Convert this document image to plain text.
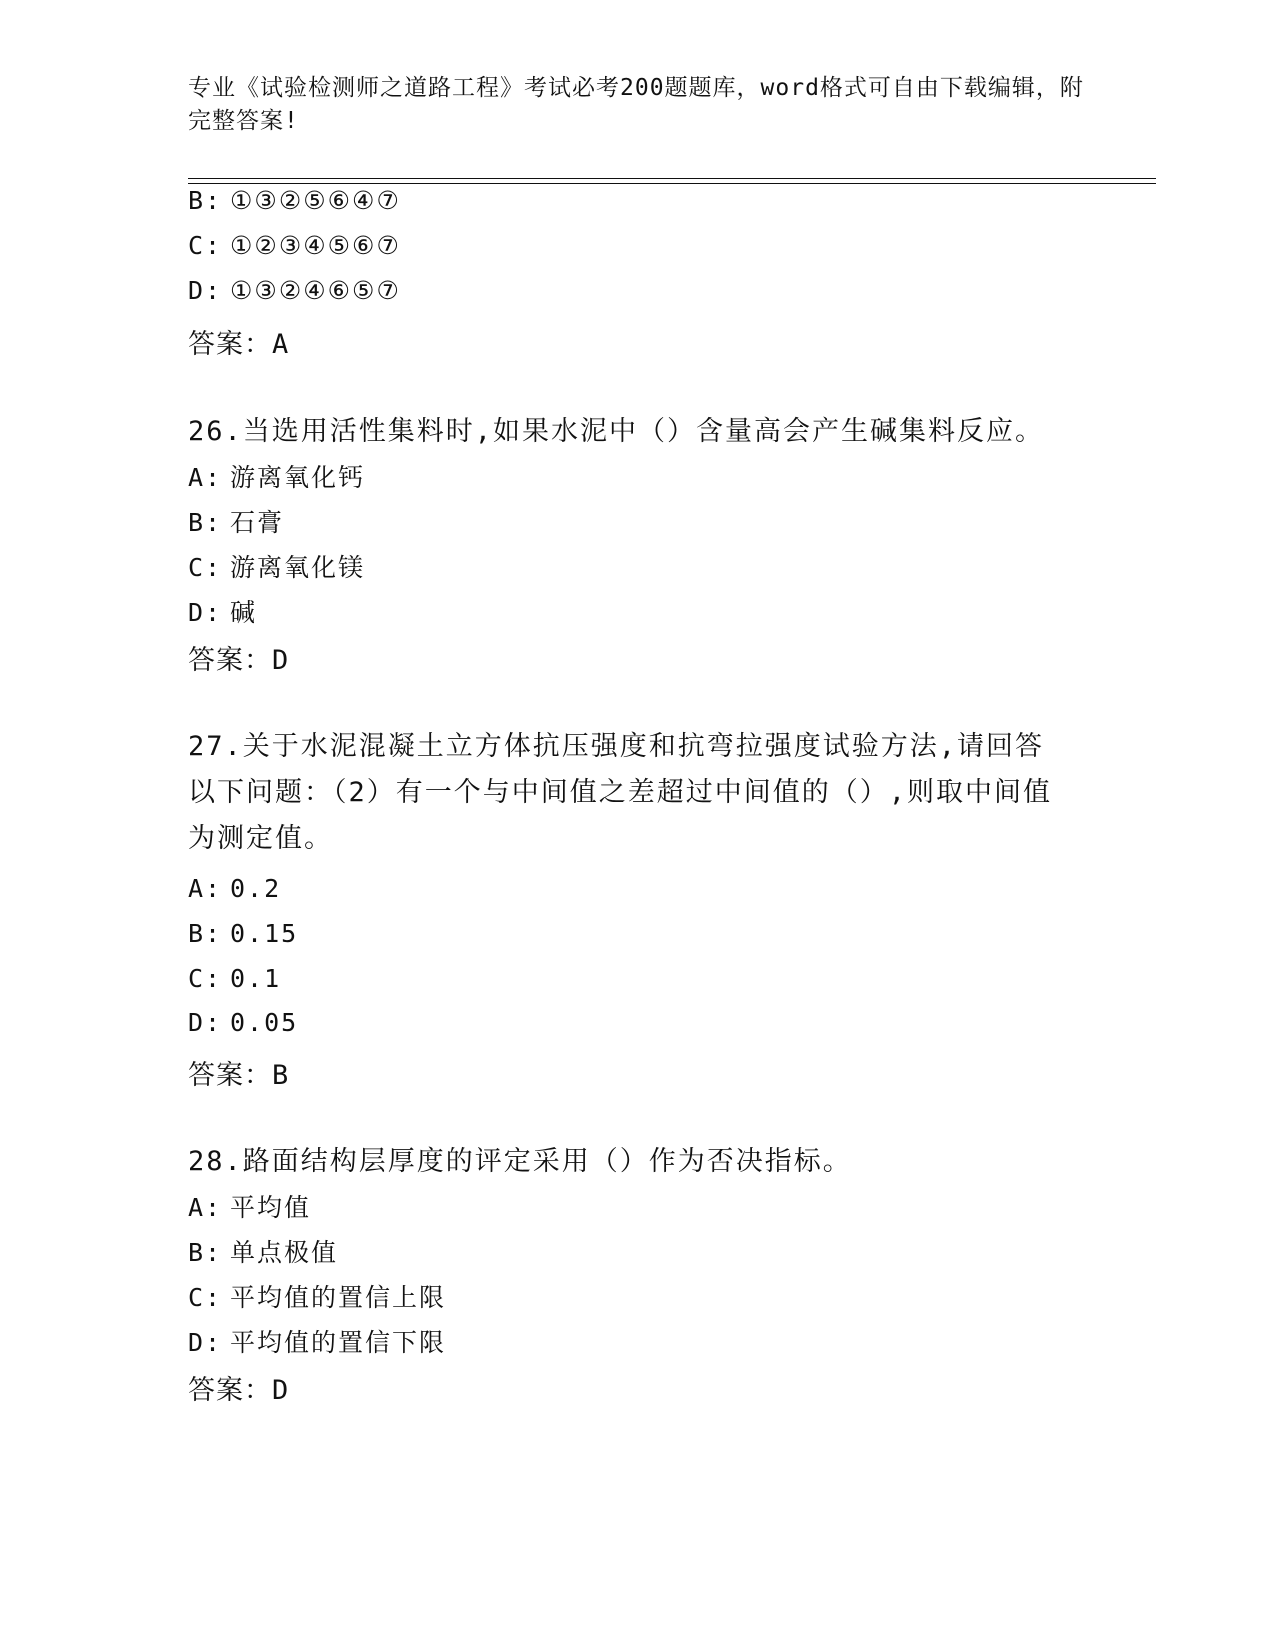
专业《试验检测师之道路工程》考试必考200题题库，word格式可自由下载编辑，附完整答案!
B: ①③②⑤⑥④⑦
C: ①②③④⑤⑥⑦
D: ①③②④⑥⑤⑦
答案：A
26.当选用活性集料时,如果水泥中（）含量高会产生碱集料反应。
A: 游离氧化钙
B: 石膏
C: 游离氧化镁
D: 碱
答案：D
27.关于水泥混凝土立方体抗压强度和抗弯拉强度试验方法,请回答以下问题：（2）有一个与中间值之差超过中间值的（）,则取中间值为测定值。
A: 0.2
B: 0.15
C: 0.1
D: 0.05
答案：B
28.路面结构层厚度的评定采用（）作为否决指标。
A: 平均值
B: 单点极值
C: 平均值的置信上限
D: 平均值的置信下限
答案：D
